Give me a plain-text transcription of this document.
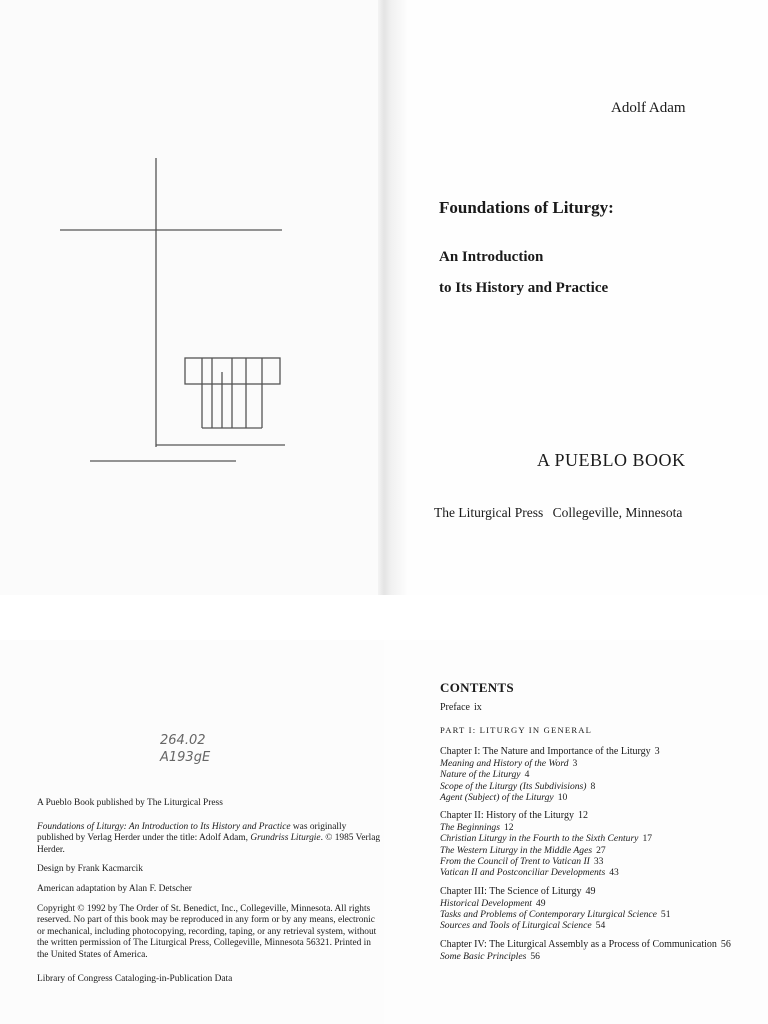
Adolf Adam
Foundations of Liturgy:
An Introduction
to Its History and Practice
A PUEBLO BOOK
The Liturgical Press Collegeville, Minnesota
264.02
A193gE

A Pueblo Book published by The Liturgical Press

Foundations of Liturgy: An Introduction to Its History and Practice was originally published by Verlag Herder under the title: Adolf Adam, Grundriss Liturgie. © 1985 Verlag Herder.

Design by Frank Kacmarcik

American adaptation by Alan F. Detscher

Copyright © 1992 by The Order of St. Benedict, Inc., Collegeville, Minnesota. All rights reserved. No part of this book may be reproduced in any form or by any means, electronic or mechanical, including photocopying, recording, taping, or any retrieval system, without the written permission of The Liturgical Press, Collegeville, Minnesota 56321. Printed in the United States of America.

Library of Congress Cataloging-in-Publication Data

CONTENTS
Preface ix
PART I: LITURGY IN GENERAL
Chapter I: The Nature and Importance of the Liturgy 3
Meaning and History of the Word 3
Nature of the Liturgy 4
Scope of the Liturgy (Its Subdivisions) 8
Agent (Subject) of the Liturgy 10
Chapter II: History of the Liturgy 12
The Beginnings 12
Christian Liturgy in the Fourth to the Sixth Century 17
The Western Liturgy in the Middle Ages 27
From the Council of Trent to Vatican II 33
Vatican II and Postconciliar Developments 43
Chapter III: The Science of Liturgy 49
Historical Development 49
Tasks and Problems of Contemporary Liturgical Science 51
Sources and Tools of Liturgical Science 54
Chapter IV: The Liturgical Assembly as a Process of Communication 56
Some Basic Principles 56
